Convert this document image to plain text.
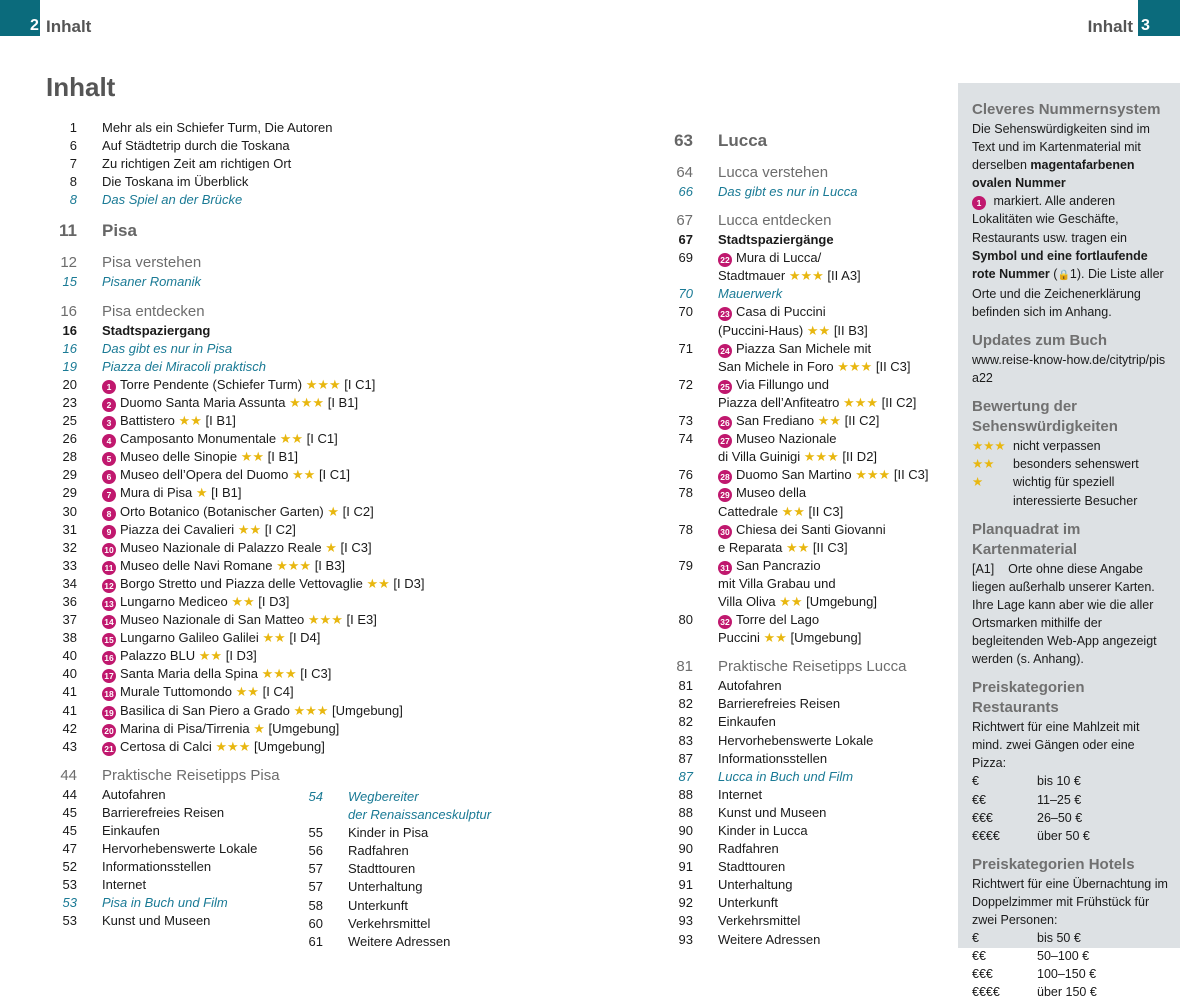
2 Inhalt	Inhalt 3
Inhalt
1 Mehr als ein Schiefer Turm, Die Autoren
6 Auf Städtetrip durch die Toskana
7 Zu richtigen Zeit am richtigen Ort
8 Die Toskana im Überblick
8 Das Spiel an der Brücke
11 Pisa
12 Pisa verstehen
15 Pisaner Romanik
16 Pisa entdecken
16 Stadtspaziergang
16 Das gibt es nur in Pisa
19 Piazza dei Miracoli praktisch
20	1 Torre Pendente (Schiefer Turm) ★★★ [I C1]
23	2 Duomo Santa Maria Assunta ★★★ [I B1]
25	3 Battistero ★★ [I B1]
26	4 Camposanto Monumentale ★★ [I C1]
28	5 Museo delle Sinopie ★★ [I B1]
29	6 Museo dell’Opera del Duomo ★★ [I C1]
29	7 Mura di Pisa ★ [I B1]
30	8 Orto Botanico (Botanischer Garten) ★ [I C2]
31	9 Piazza dei Cavalieri ★★ [I C2]
32	10 Museo Nazionale di Palazzo Reale ★ [I C3]
33	11 Museo delle Navi Romane ★★★ [I B3]
34	12 Borgo Stretto und Piazza delle Vettovaglie ★★ [I D3]
36	13 Lungarno Mediceo ★★ [I D3]
37	14 Museo Nazionale di San Matteo ★★★ [I E3]
38	15 Lungarno Galileo Galilei ★★ [I D4]
40	16 Palazzo BLU ★★ [I D3]
40	17 Santa Maria della Spina ★★★ [I C3]
41	18 Murale Tuttomondo ★★ [I C4]
41	19 Basilica di San Piero a Grado ★★★ [Umgebung]
42	20 Marina di Pisa/Tirrenia ★ [Umgebung]
43	21 Certosa di Calci ★★★ [Umgebung]
44 Praktische Reisetipps Pisa
44 Autofahren
45 Barrierefreies Reisen
45 Einkaufen
47 Hervorhebenswerte Lokale
52 Informationsstellen
53 Internet
53 Pisa in Buch und Film
53 Kunst und Museen
54 Wegbereiter
der Renaissanceskulptur
55 Kinder in Pisa
56 Radfahren
57 Stadttouren
57 Unterhaltung
58 Unterkunft
60 Verkehrsmittel
61 Weitere Adressen
63 Lucca
64 Lucca verstehen
66 Das gibt es nur in Lucca
67 Lucca entdecken
67 Stadtspaziergänge
69	22 Mura di Lucca/
Stadtmauer ★★★ [II A3]
70 Mauerwerk
70	23 Casa di Puccini
(Puccini-Haus) ★★ [II B3]
71	24 Piazza San Michele mit
San Michele in Foro ★★★ [II C3]
72	25 Via Fillungo und
Piazza dell’Anfiteatro ★★★ [II C2]
73	26 San Frediano ★★ [II C2]
74	27 Museo Nazionale
di Villa Guinigi ★★★ [II D2]
76	28 Duomo San Martino ★★★ [II C3]
78	29 Museo della
Cattedrale ★★ [II C3]
78	30 Chiesa dei Santi Giovanni
e Reparata ★★ [II C3]
79	31 San Pancrazio
mit Villa Grabau und
Villa Oliva ★★ [Umgebung]
80	32 Torre del Lago
Puccini ★★ [Umgebung]
81 Praktische Reisetipps Lucca
81 Autofahren
82 Barrierefreies Reisen
82 Einkaufen
83 Hervorhebenswerte Lokale
87 Informationsstellen
87 Lucca in Buch und Film
88 Internet
88 Kunst und Museen
90 Kinder in Lucca
90 Radfahren
91 Stadttouren
91 Unterhaltung
92 Unterkunft
93 Verkehrsmittel
93 Weitere Adressen
Cleveres Nummernsystem

Die Sehenswürdigkeiten sind im Text und im Kartenmaterial mit derselben magentafarbenen ovalen Nummer
1 markiert. Alle anderen Lokalitäten wie Geschäfte, Restaurants usw. tragen ein Symbol und eine fortlaufende rote Nummer (🔒1). Die Liste aller Orte und die Zeichenerklärung befinden sich im Anhang.

Updates zum Buch

www.reise-know-how.de/citytrip/pisa22

Bewertung der Sehenswürdigkeiten
★★★ nicht verpassen
★★	besonders sehenswert
★	wichtig für speziell interessierte Besucher
Planquadrat im Kartenmaterial

[A1] Orte ohne diese Angabe liegen außerhalb unserer Karten. Ihre Lage kann aber wie die aller Ortsmarken mithilfe der begleitenden Web-App angezeigt werden (s. Anhang).

Preiskategorien Restaurants

Richtwert für eine Mahlzeit mit mind. zwei Gängen oder eine Pizza:

€	bis 10 €
€€	11–25 €
€€€	26–50 €
€€€€	über 50 €
Preiskategorien Hotels

Richtwert für eine Übernachtung im Doppelzimmer mit Frühstück für zwei Personen:

€	bis 50 €
€€	50–100 €
€€€	100–150 €
€€€€	über 150 €
